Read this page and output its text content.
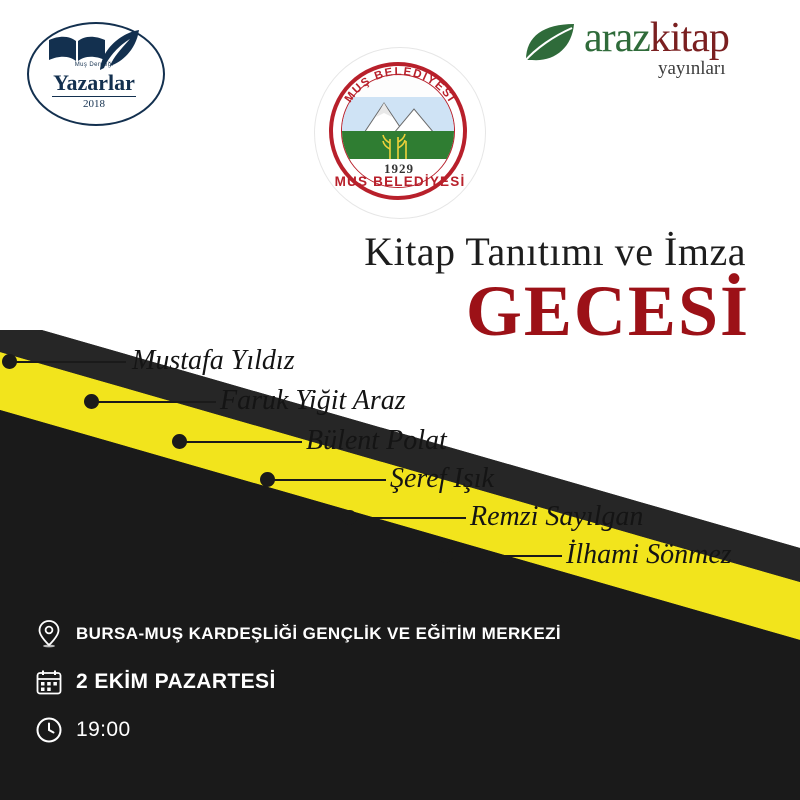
Muş Derneği
Yazarlar
2018
arazkitap
yayınları
1929
MUŞ BELEDİYESİ
MUŞ BELEDİYESİ
Kitap Tanıtımı ve İmza
GECESİ
Mustafa Yıldız
Faruk Yiğit Araz
Bülent Polat
Şeref Işık
Remzi Sayılgan
İlhami Sönmez
BURSA-MUŞ KARDEŞLİĞİ GENÇLİK VE EĞİTİM MERKEZİ
2 EKİM PAZARTESİ
19:00
